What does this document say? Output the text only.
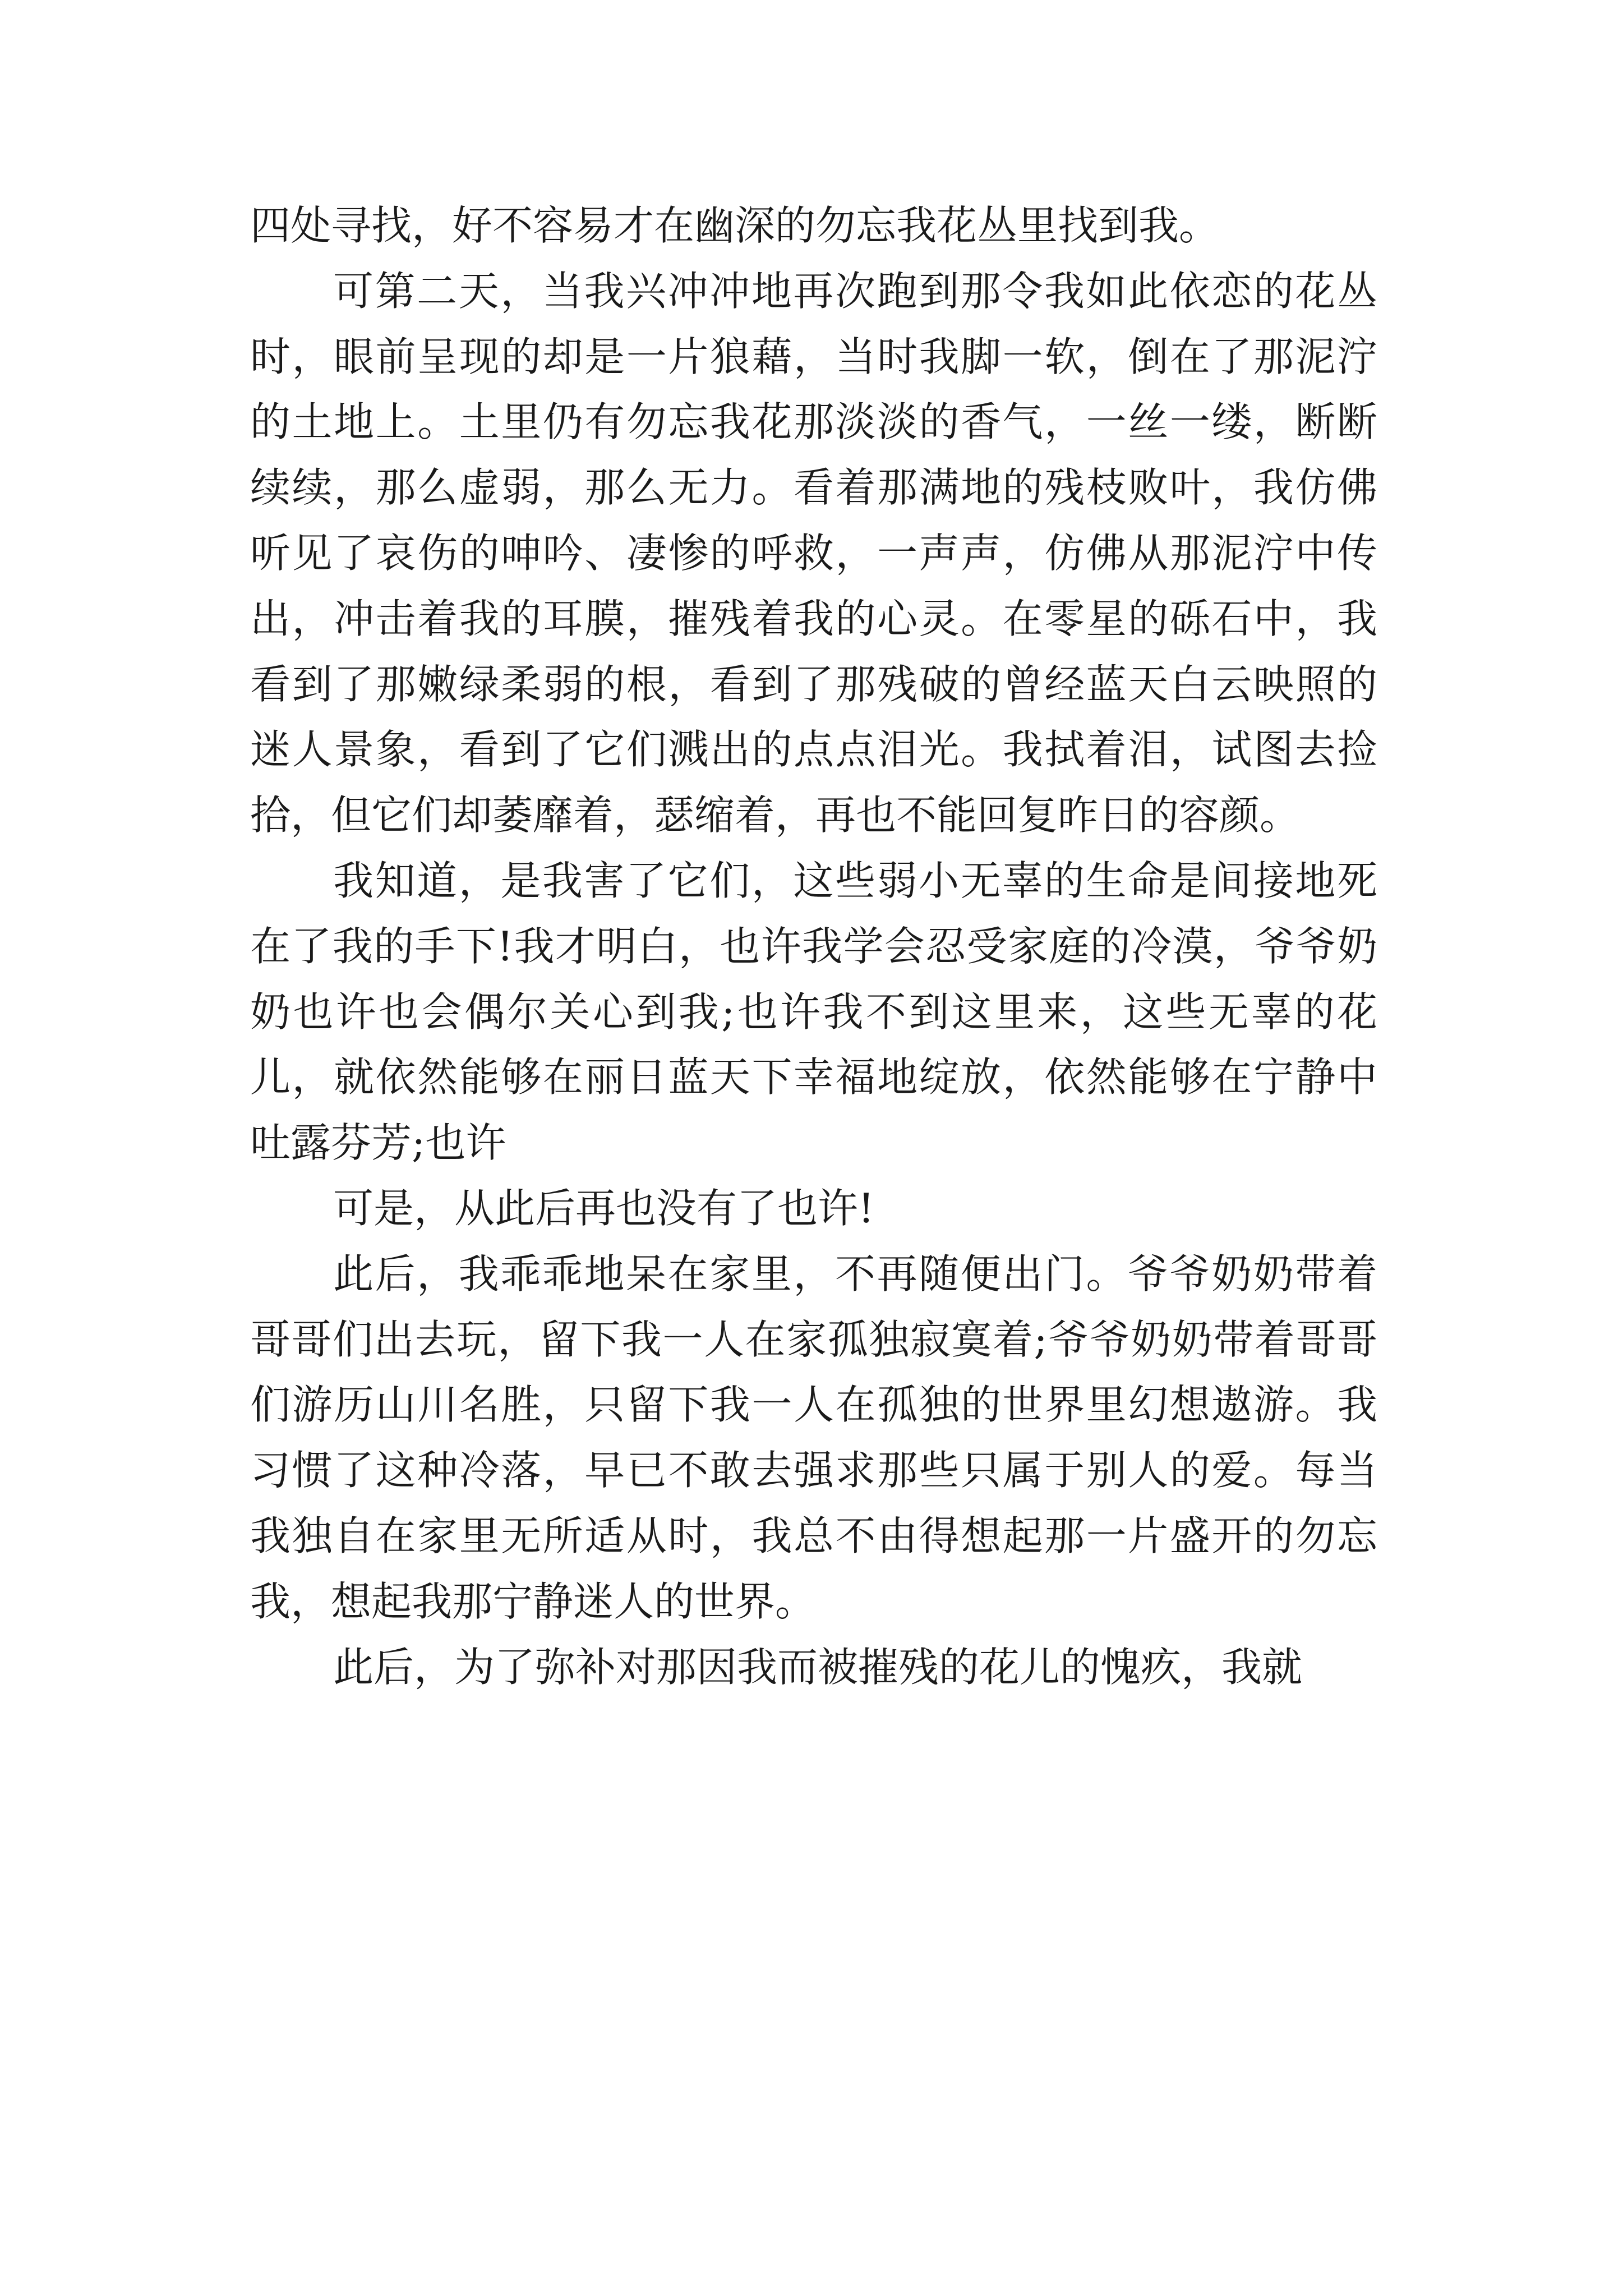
四处寻找，好不容易才在幽深的勿忘我花丛里找到我。

可第二天，当我兴冲冲地再次跑到那令我如此依恋的花丛时，眼前呈现的却是一片狼藉，当时我脚一软，倒在了那泥泞的土地上。土里仍有勿忘我花那淡淡的香气，一丝一缕，断断续续，那么虚弱，那么无力。看着那满地的残枝败叶，我仿佛听见了哀伤的呻吟、凄惨的呼救，一声声，仿佛从那泥泞中传出，冲击着我的耳膜，摧残着我的心灵。在零星的砾石中，我看到了那嫩绿柔弱的根，看到了那残破的曾经蓝天白云映照的迷人景象，看到了它们溅出的点点泪光。我拭着泪，试图去捡拾，但它们却萎靡着，瑟缩着，再也不能回复昨日的容颜。

我知道，是我害了它们，这些弱小无辜的生命是间接地死在了我的手下!我才明白，也许我学会忍受家庭的冷漠，爷爷奶奶也许也会偶尔关心到我;也许我不到这里来，这些无辜的花儿，就依然能够在丽日蓝天下幸福地绽放，依然能够在宁静中吐露芬芳;也许

可是，从此后再也没有了也许!

此后，我乖乖地呆在家里，不再随便出门。爷爷奶奶带着哥哥们出去玩，留下我一人在家孤独寂寞着;爷爷奶奶带着哥哥们游历山川名胜，只留下我一人在孤独的世界里幻想遨游。我习惯了这种冷落，早已不敢去强求那些只属于别人的爱。每当我独自在家里无所适从时，我总不由得想起那一片盛开的勿忘我，想起我那宁静迷人的世界。

此后，为了弥补对那因我而被摧残的花儿的愧疚，我就
